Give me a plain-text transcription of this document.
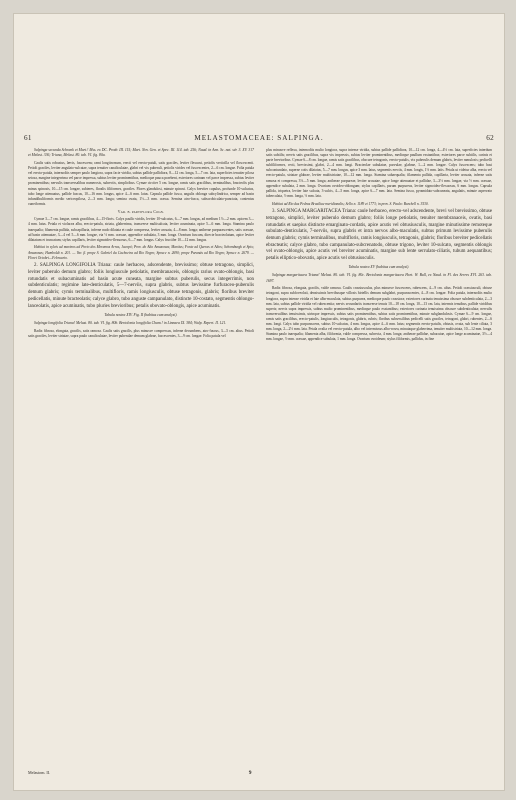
61	MELASTOMACEAE: SALPINGA.	62

Salpinga secunda Schrank et Mart.! Mss. ex DC. Prodr. III. 115; Mart. Nov. Gen. et Spec. III. 114. tab. 256; Naud. in Ann. Sc. nat. sér. 3. XV. 317 et Melast. 336; Triana, Melast. 80. tab. VI. fig. 80a.

Caulis satis robustus, lævis, fuscescens; rami longitrorsum, erecti vel erecto-patuli, satis graciles, leviter flexuosi, petiolis verticilla vel floscescenti. Petioli graciles, leviter angulato-sulcatae, supra tenuiter canaliculatae, glabri vel vix puberuli, petiolis virides vel fuscescentes, 2—6 cm. longae. Folia patula vel erecto-patula, internodiis semper paulo longiora, supra facie viridia, subtus pallide pallidiora, 8—12 cm. longa, 5—7 cm. lata, superficies tenuiter pilosa setosa, margine integerrima vel parce impressa, subtus leviter prominentibus, medioque pauca praebent, exteriores carinam vel parce impressa, subtus leviter prominentibus; nervulis transversalibus numerosis, subrectis, simplicibus. Cymae circiter 5 cm. longae, ramis satis gracilibus, terminalibus, bracteolis plus minus spinosis, 10—15 cm. longae, subteres, floralis filiformes, graciles. Flores glandulosi, minute spinosi. Calyx breviter cupulus, profunde 10-sulcatus, tubo longe attenuatus, pallide fuscus, 10—16 mm. longus, apice 4—6 mm. latus. Capsula pallide fusca, angulis oblonga subcylindrica, semper ad basin infundibuliformis medio sericeopilosa, 2—3 mm. longa; semina ovata, 1½—3 mm. crassa. Semina atro-fusca, subscrobiculato-punctata, contentus cuneiformis.

Var. β. parviflora Cogn.

Cymae 3—7 cm. longae, ramis gracilibus, 4—15-floris. Calyx paullo viridis, leviter 10-sulcatus, 6—7 mm. longus, ad medium 1½—2 mm. apicem 3—4 mm. latus. Petala et violacea alba, erecto-patula, striata, glaberrima, transverse multisulcata, leviter acuminata, apice 5—6 mm. longa. Stamina paulo inaequalia; filamenta pallida, subcapillaria, inferne nudo dilatata et caule compressa, leviter arcuata, 4—8 mm. longa; antherae purpurascentes, satis crassae, ad basin attenuatae, 3—4 vel 5—6 mm. longae, via ½ mm. crassae, appendice subulata, 3 mm. longa. Ovarium fuscum, directe bracteolatum, apice leviter dilatatum et truncatum; stylus capillaris, leviter sigmoideo-flexuosus, 6—7 mm. longus. Calyx fructifer 10—12 mm. longus.

Habitat in sylvis ad marinos ad Porto dos Meramos Arras, Jacopó; Prov. do Alto Amazonas; Martius; Fonte ad Queras et Altos; Schomburgk et Spix; Amazonas; Humboldt n. 201. — Var. β. prope S. Gabriel da Cachoeira ad Rio Negro; Spruce n. 2690; prope Paranás ad Rio Negro; Spruce n. 2679. — Floret Octobri—Februario.

2. SALPINGA LONGIFOLIA Triana: caule herbaceo, adscendente, brevissimo; obtuse tetragono, simplici, leviter puberulo demum glabro; foliis longiuscule petiolatis, membranaceis, oblongis rarius ovato-oblongis, basi rotundatis et subacuminatis ad basin acute cuneata, margine subtus puberulis, secus integerrimis, non subdenticulatis; regimine late-denticulatis, 5—7-nerviis, supra glabris, subtus lævissime furfuraceo-puberulis demum glabris; cymis terminalibus, multifloris, ramis longiusculis, obtuse tetragonis, glabris; floribus breviter pedicellatis, minute bracteolatis; calyce glabro, tubo anguste campanulato, distincte 10-costato, segmentis oblongo-lanceolatis, apice acuminatis, tubo pluries brevioribus; petalis obovato-oblongis, apice acuminatis.

Tabula nostra XIV. Fig. II (habitus cum analysi).

Salpinga longifolia Triana! Melast. 80. tab. VI. fig. 80b. Bertolonia longifolia Cham.! in Linnaea IX. 384; Walp. Repert. II. 121.

Radix fibrosa, elongata, gracilis, satis ramosa. Caulis satis gracilis, plus minusve compressus, inferne decumbens, atro-fuscus, 3—5 cm. altus. Petioli satis graciles, leviter striatae, supra paulo canaliculatae, leviter puberulae demum glabrae, fuscescentes, 3—9 cm. longae. Folia patula vel

plus minusve reflexa, internodiis multo longiora, supra intense viridia, subtus pallide pallidiora, 10—12 cm. longa, 4—4½ cm. lata, superficies interdum satis subtilis; nervis satis gracilibus, supra vix impressis, subtus leviter prominentibus, medioque paullum exstantibus; exteriores parce subtilis, carinis et parte brevioribus. Cymae 6—8 cm. longae, ramis satis gracilibus, obscure tetragonis, erecto-patulis, vix puberulis demum glabris, leviter ramulosis; pedicelli subfiliformes, recti, brevissimi, glabri, 2—4 mm. longi. Bracteolae subulatae, parvulae, glabrae, 1—2 mm. longae. Calyx fuscescens; tubo basi subcontundato, superne cotis dilatatus, 5—7 mm. longus, apice 3 mm. latus, segmentis erectis, 4 mm. longis, 1½ mm. latis. Petala ut videtur alba, erecta vel erecto-patula, striatae glabrae, leviter multistriatae, 10—12 mm. longa. Stamina subaequalia; filamenta pallida, capillaria, leviter arcuata, inferne satis ramosa et compressa, 3½—5 mm. longa; antherae purpureae, leviter arcuatae, apice longe attenuatae et pallidae, 3—3½ mm. longae, via ½ mm. crassae, appendice subulata, 2 mm. longa. Ovarium ovoideo-oblongum; stylus capillaris, parum purpureus, leviter sigmoideo-flexuosus, 6 mm. longus. Capsula pallida, triquetra, leviter late sulcata, 3-sulcis, 4—5 mm. longa, apice 6—7 mm. lata. Semina fusca, pyramidato-subcuneata, angulatis, minute aspervato tuberculata, ½ mm. longa, ½ mm. lata.

Habitat ad Rio das Pedras Brasiliae meridionalis; Sello n. 1189 et 1773; in prov. S. Paulo: Burchell n. 3530.

3. SALPINGA MARGARITACEA Triana: caule herbaceo, erecto-vel adscendente, brevi vel brevissimo, obtuse tetragono, simplici, leviter puberulo demum glabro; foliis longe petiolatis, tenuiter membranaceis, ovatis, basi rotundatis et saepius distincte emarginato-cordatis, apice acutis vel obtusiusculis, margine minutissime remoteque subulato-denticulatis, 7-nerviis, supra glabris et intra nervos albo-maculatis, subtus primum levissime puberulis demum glabris; cymis terminalibus, multifloris, ramis longiusculis, tetragonis, glabris; floribus breviter pedicellatis ebracteatis; calyce glabro, tubo campanulato-subcrenatodo, obtuse trigono, leviter 10-sulcato, segmentis oblongis vel ovato-oblongis, apice acutis vel breviter acuminatis, margine sub lente serrulato-ciliatis, tubum aequantibus; petalis elliptico-obovatis, apice acutis vel obtusiusculis.

Tabula nostra XV (habitus cum analysi).

Salpinga margaritacea Triana! Melast. 80. tab. VI. fig. 80c. Bertolonia margaritacea Hort. W. Bull, ex Naud. in Fl. des Serres XVI. 263. tab. 1697.

Radix fibrosa, elongata, gracilis, valde ramosa. Caulis crassiusculus, plus minusve fuscescens, rubescens, 4—9 cm. altus. Petioli crassiusculi, obtuse tetragoni, supra subfoveolati, densissimis brevibusque villosis hirtellis demum subglabri, purpurascentes, 4—8 cm. longae. Folia patula, internodiis multo longiora, supra intense viridia et late albo-maculata, subtus purpurea, medioque paulo crassiora; exteriores carinata tenuissima obscure subdenticulata, 2—3 mm. lata, subtus pallide viridia vel rubescentia; nervis secundariis transverse tenuis 10—18 cm. longa, 10—13 cm. lata, intermis tenuibus, pallide viridibus superis; nervis supra impressis, subtus multo prominentibus, medioque paulo exstantibus; exteriores carinata tenuissima obscure subdenticulata; nervulis transversalibus tenuissimis, utrinque impressis, subtus satis prominentibus, subtus satis prominentibus, minute subglandulosis. Cymae 6—9 cm. longae, ramis satis gracilibus, erecto-patulis, longiusculis, tetragonis, glabris, rubris; floribus subsessilibus pedicelli satis graciles, tetragoni, glabri, rubentes, 2—6 mm. longi. Calyx tubo purpurascens, subtus 10-sulcatus, 4 mm. longus, apice 4—6 mm. latus; segmentis erecto-patulis, obtusis, ovata, sub lente ciliata, 3 mm. longa, 2—2½ mm. lata. Petala ovalia vel erecto-patula, albo vel intermissus albo-rosea, minutaque glaberrima, tenuiter multistriata, 10—12 mm. longa. Stamina paulo inaequalia; filamenta alba, filiformia, valde compressa, subrecta, 4 mm. longa; antherae pallidae, subacutae, apice longe acuminatae, 3½—4 mm. longae, ½ mm. crassae, appendice subulata, 1 mm. longa. Ovarium ovoideum; stylus filiformis, pallidus, in fine

Melastom. II.	9
